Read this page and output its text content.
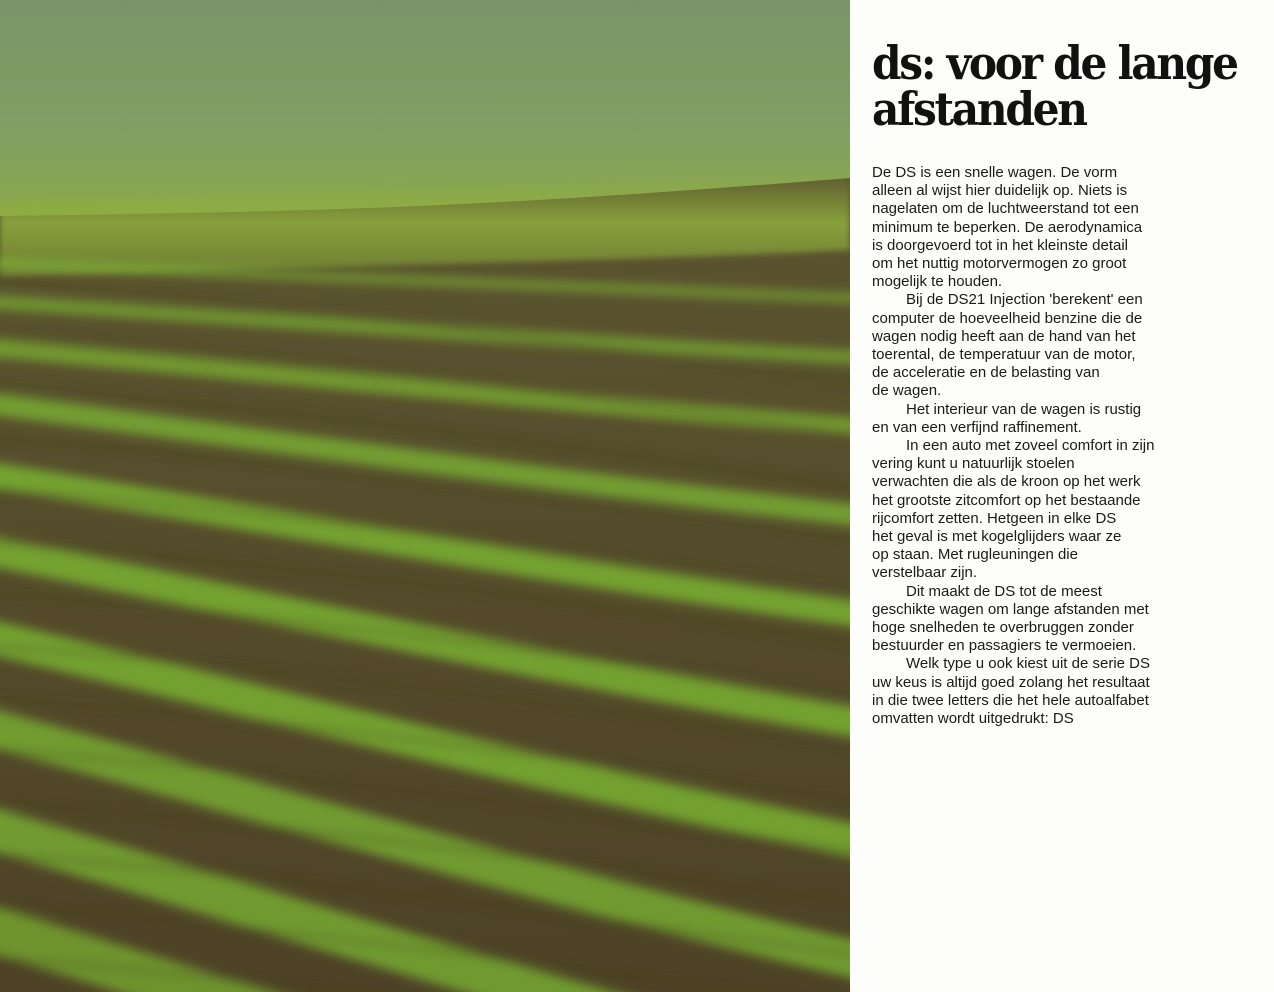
ds: voor de lange
afstanden
De DS is een snelle wagen. De vorm
alleen al wijst hier duidelijk op. Niets is
nagelaten om de luchtweerstand tot een
minimum te beperken. De aerodynamica
is doorgevoerd tot in het kleinste detail
om het nuttig motorvermogen zo groot
mogelijk te houden.
Bij de DS21 Injection 'berekent' een
computer de hoeveelheid benzine die de
wagen nodig heeft aan de hand van het
toerental, de temperatuur van de motor,
de acceleratie en de belasting van
de wagen.
Het interieur van de wagen is rustig
en van een verfijnd raffinement.
In een auto met zoveel comfort in zijn
vering kunt u natuurlijk stoelen
verwachten die als de kroon op het werk
het grootste zitcomfort op het bestaande
rijcomfort zetten. Hetgeen in elke DS
het geval is met kogelglijders waar ze
op staan. Met rugleuningen die
verstelbaar zijn.
Dit maakt de DS tot de meest
geschikte wagen om lange afstanden met
hoge snelheden te overbruggen zonder
bestuurder en passagiers te vermoeien.
Welk type u ook kiest uit de serie DS
uw keus is altijd goed zolang het resultaat
in die twee letters die het hele autoalfabet
omvatten wordt uitgedrukt: DS
